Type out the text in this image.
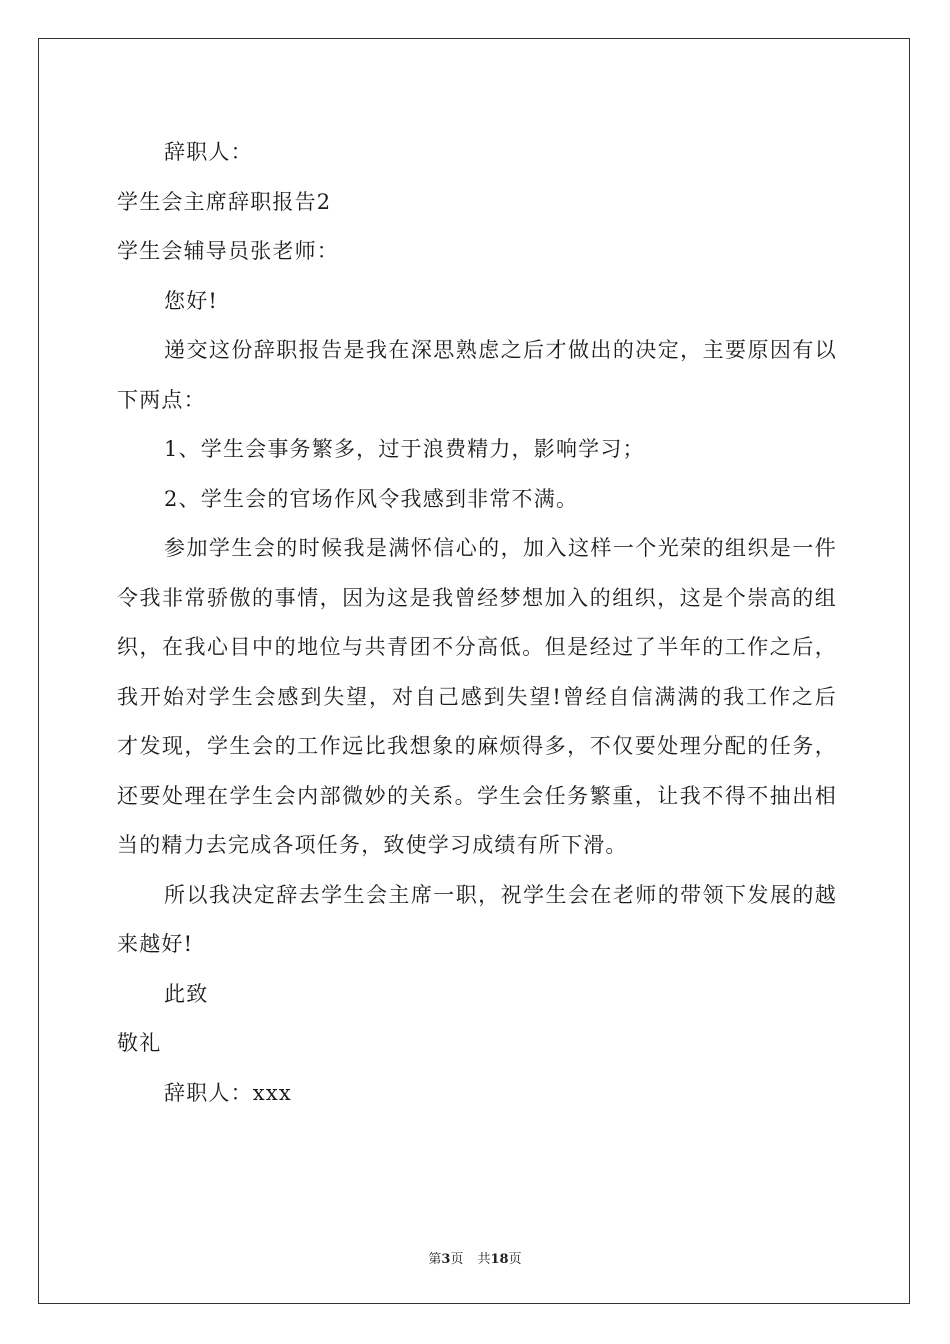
辞职人：
学生会主席辞职报告2
学生会辅导员张老师：
您好!
递交这份辞职报告是我在深思熟虑之后才做出的决定，主要原因有以下两点：
1、学生会事务繁多，过于浪费精力，影响学习；
2、学生会的官场作风令我感到非常不满。
参加学生会的时候我是满怀信心的，加入这样一个光荣的组织是一件令我非常骄傲的事情，因为这是我曾经梦想加入的组织，这是个崇高的组织，在我心目中的地位与共青团不分高低。但是经过了半年的工作之后，我开始对学生会感到失望，对自己感到失望!曾经自信满满的我工作之后才发现，学生会的工作远比我想象的麻烦得多，不仅要处理分配的任务，还要处理在学生会内部微妙的关系。学生会任务繁重，让我不得不抽出相当的精力去完成各项任务，致使学习成绩有所下滑。
所以我决定辞去学生会主席一职，祝学生会在老师的带领下发展的越来越好!
此致
敬礼
辞职人：xxx
第3页 共18页
